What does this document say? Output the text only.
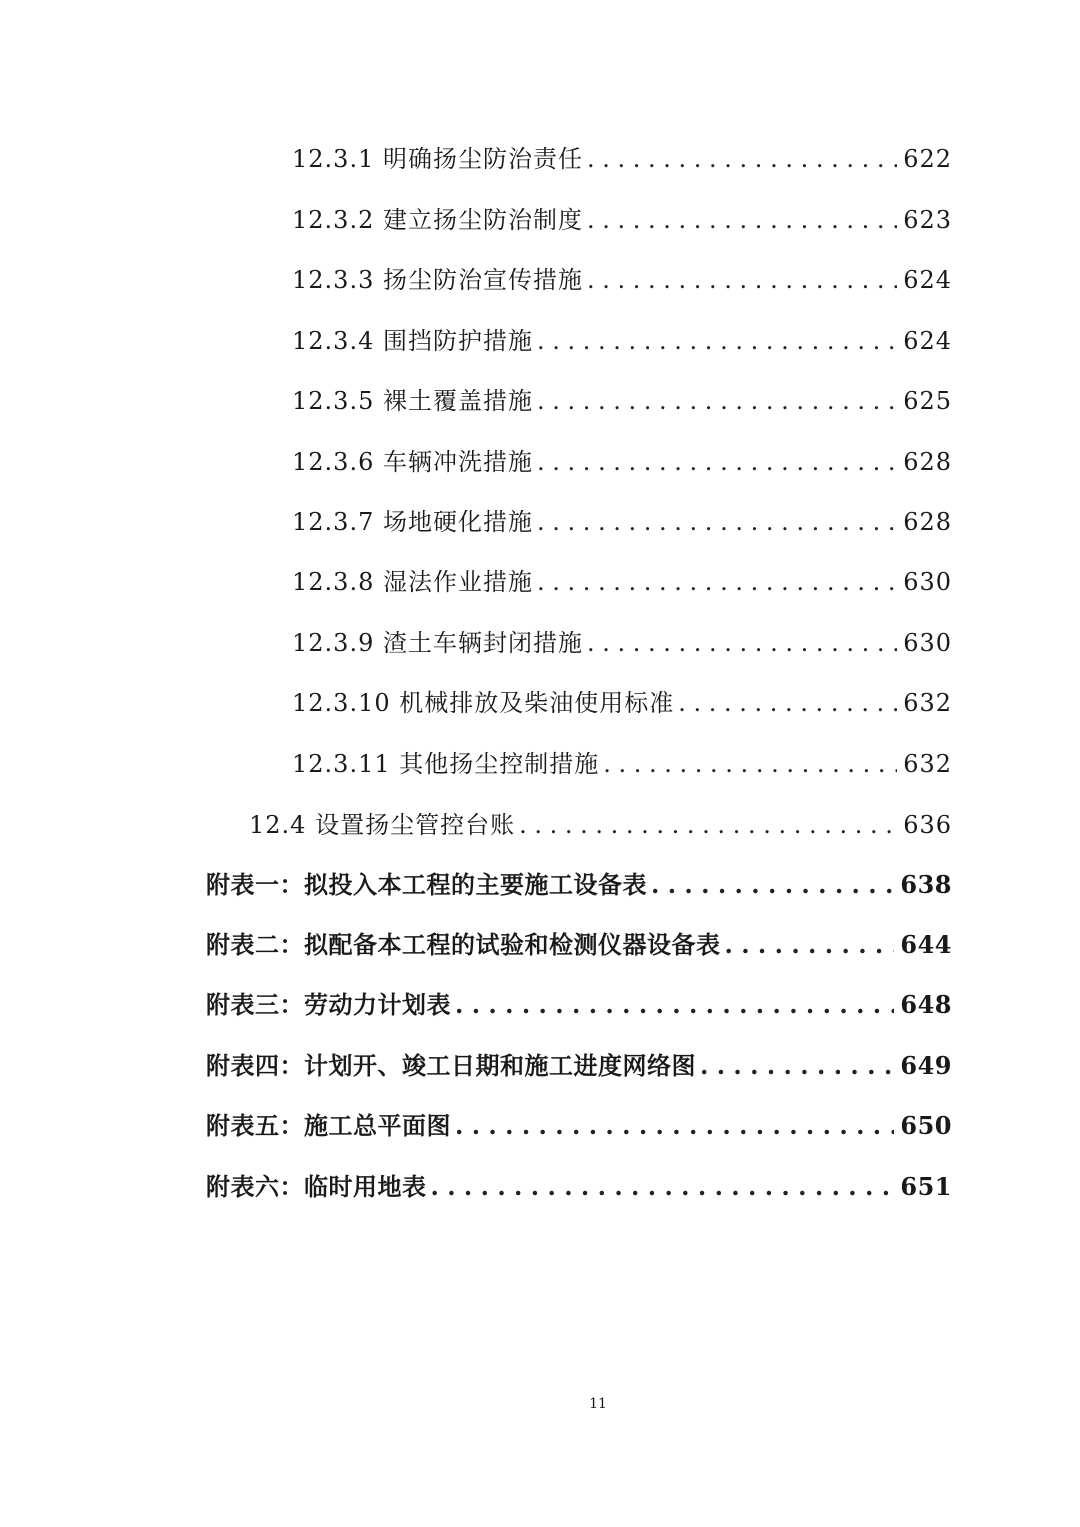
12.3.1 明确扬尘防治责任 . . .	622
12.3.2 建立扬尘防治制度 . . .	623
12.3.3 扬尘防治宣传措施 . . .	624
12.3.4 围挡防护措施 . . .	624
12.3.5 裸土覆盖措施 . . .	625
12.3.6 车辆冲洗措施 . . .	628
12.3.7 场地硬化措施 . . .	628
12.3.8 湿法作业措施 . . .	630
12.3.9 渣土车辆封闭措施 . . .	630
12.3.10 机械排放及柴油使用标准 . . .	632
12.3.11 其他扬尘控制措施 . . .	632
12.4 设置扬尘管控台账 . . .	636
附表一：拟投入本工程的主要施工设备表 . . .	638
附表二：拟配备本工程的试验和检测仪器设备表 . . .	644
附表三：劳动力计划表 . . .	648
附表四：计划开、竣工日期和施工进度网络图 . . .	649
附表五：施工总平面图 . . .	650
附表六：临时用地表 . . .	651
11
